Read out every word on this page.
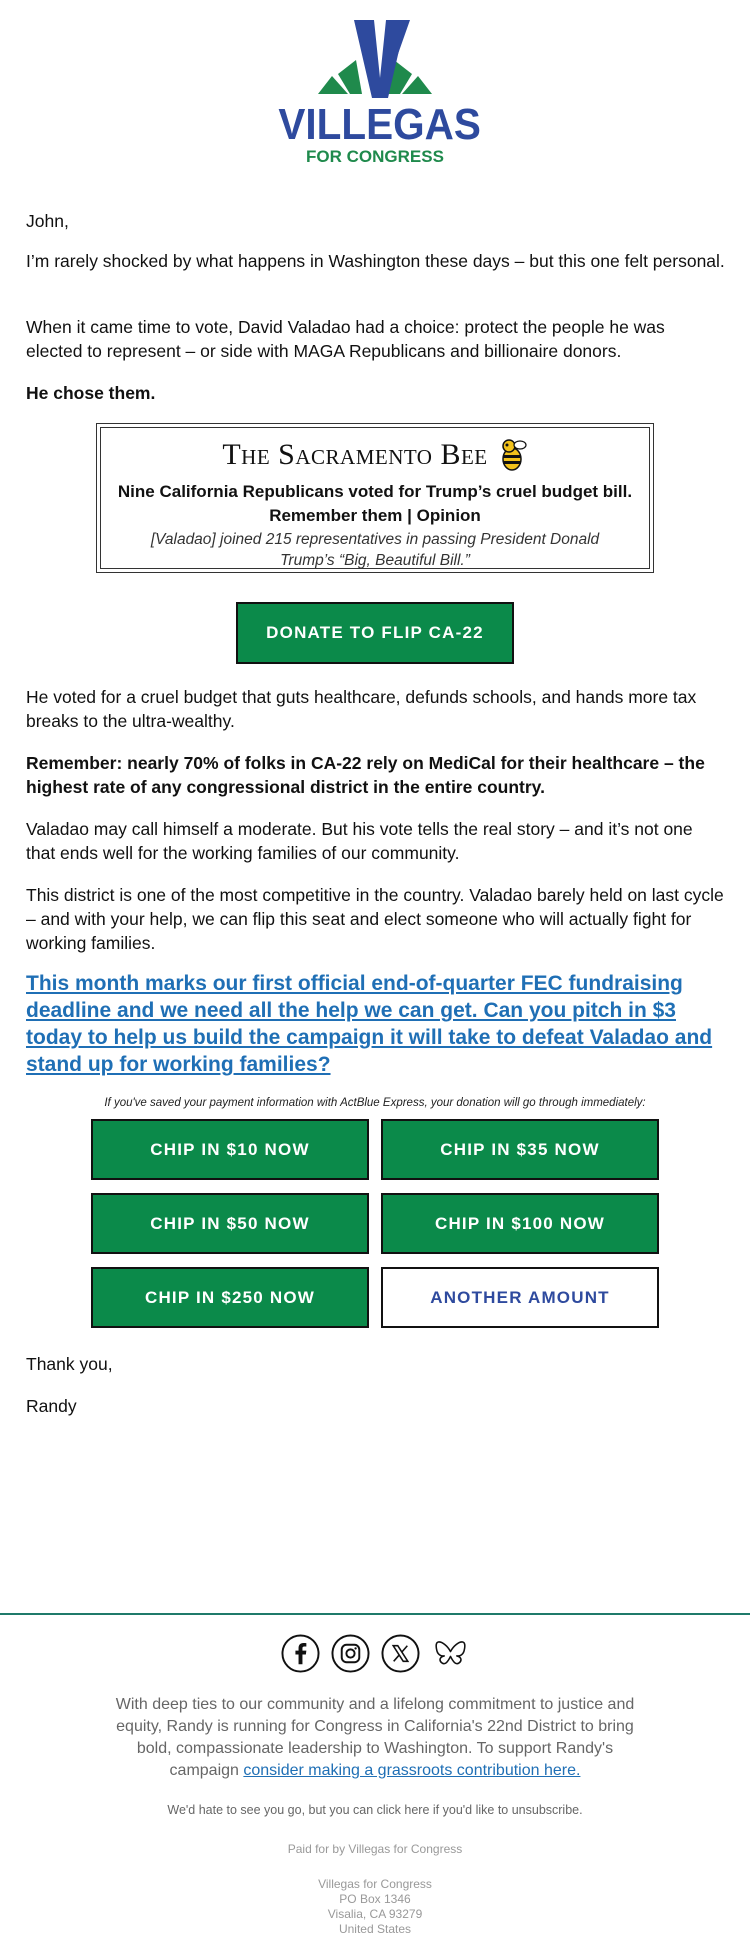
VILLEGAS
FOR CONGRESS

John,

I’m rarely shocked by what happens in Washington these days – but this one felt personal.

When it came time to vote, David Valadao had a choice: protect the people he was elected to represent – or side with MAGA Republicans and billionaire donors.

He chose them.

The Sacramento Bee
Nine California Republicans voted for Trump’s cruel budget bill. Remember them | Opinion
[Valadao] joined 215 representatives in passing President Donald Trump’s “Big, Beautiful Bill.”
DONATE TO FLIP CA-22

He voted for a cruel budget that guts healthcare, defunds schools, and hands more tax breaks to the ultra-wealthy.

Remember: nearly 70% of folks in CA-22 rely on MediCal for their healthcare – the highest rate of any congressional district in the entire country.

Valadao may call himself a moderate. But his vote tells the real story – and it’s not one that ends well for the working families of our community.

This district is one of the most competitive in the country. Valadao barely held on last cycle – and with your help, we can flip this seat and elect someone who will actually fight for working families.

This month marks our first official end-of-quarter FEC fundraising deadline and we need all the help we can get. Can you pitch in $3 today to help us build the campaign it will take to defeat Valadao and stand up for working families?

If you've saved your payment information with ActBlue Express, your donation will go through immediately:
CHIP IN $10 NOW	CHIP IN $35 NOW
CHIP IN $50 NOW	CHIP IN $100 NOW
CHIP IN $250 NOW	ANOTHER AMOUNT

Thank you,

Randy

With deep ties to our community and a lifelong commitment to justice and equity, Randy is running for Congress in California's 22nd District to bring bold, compassionate leadership to Washington. To support Randy's campaign consider making a grassroots contribution here.

We'd hate to see you go, but you can click here if you'd like to unsubscribe.
Paid for by Villegas for Congress
Villegas for Congress
PO Box 1346
Visalia, CA 93279
United States
